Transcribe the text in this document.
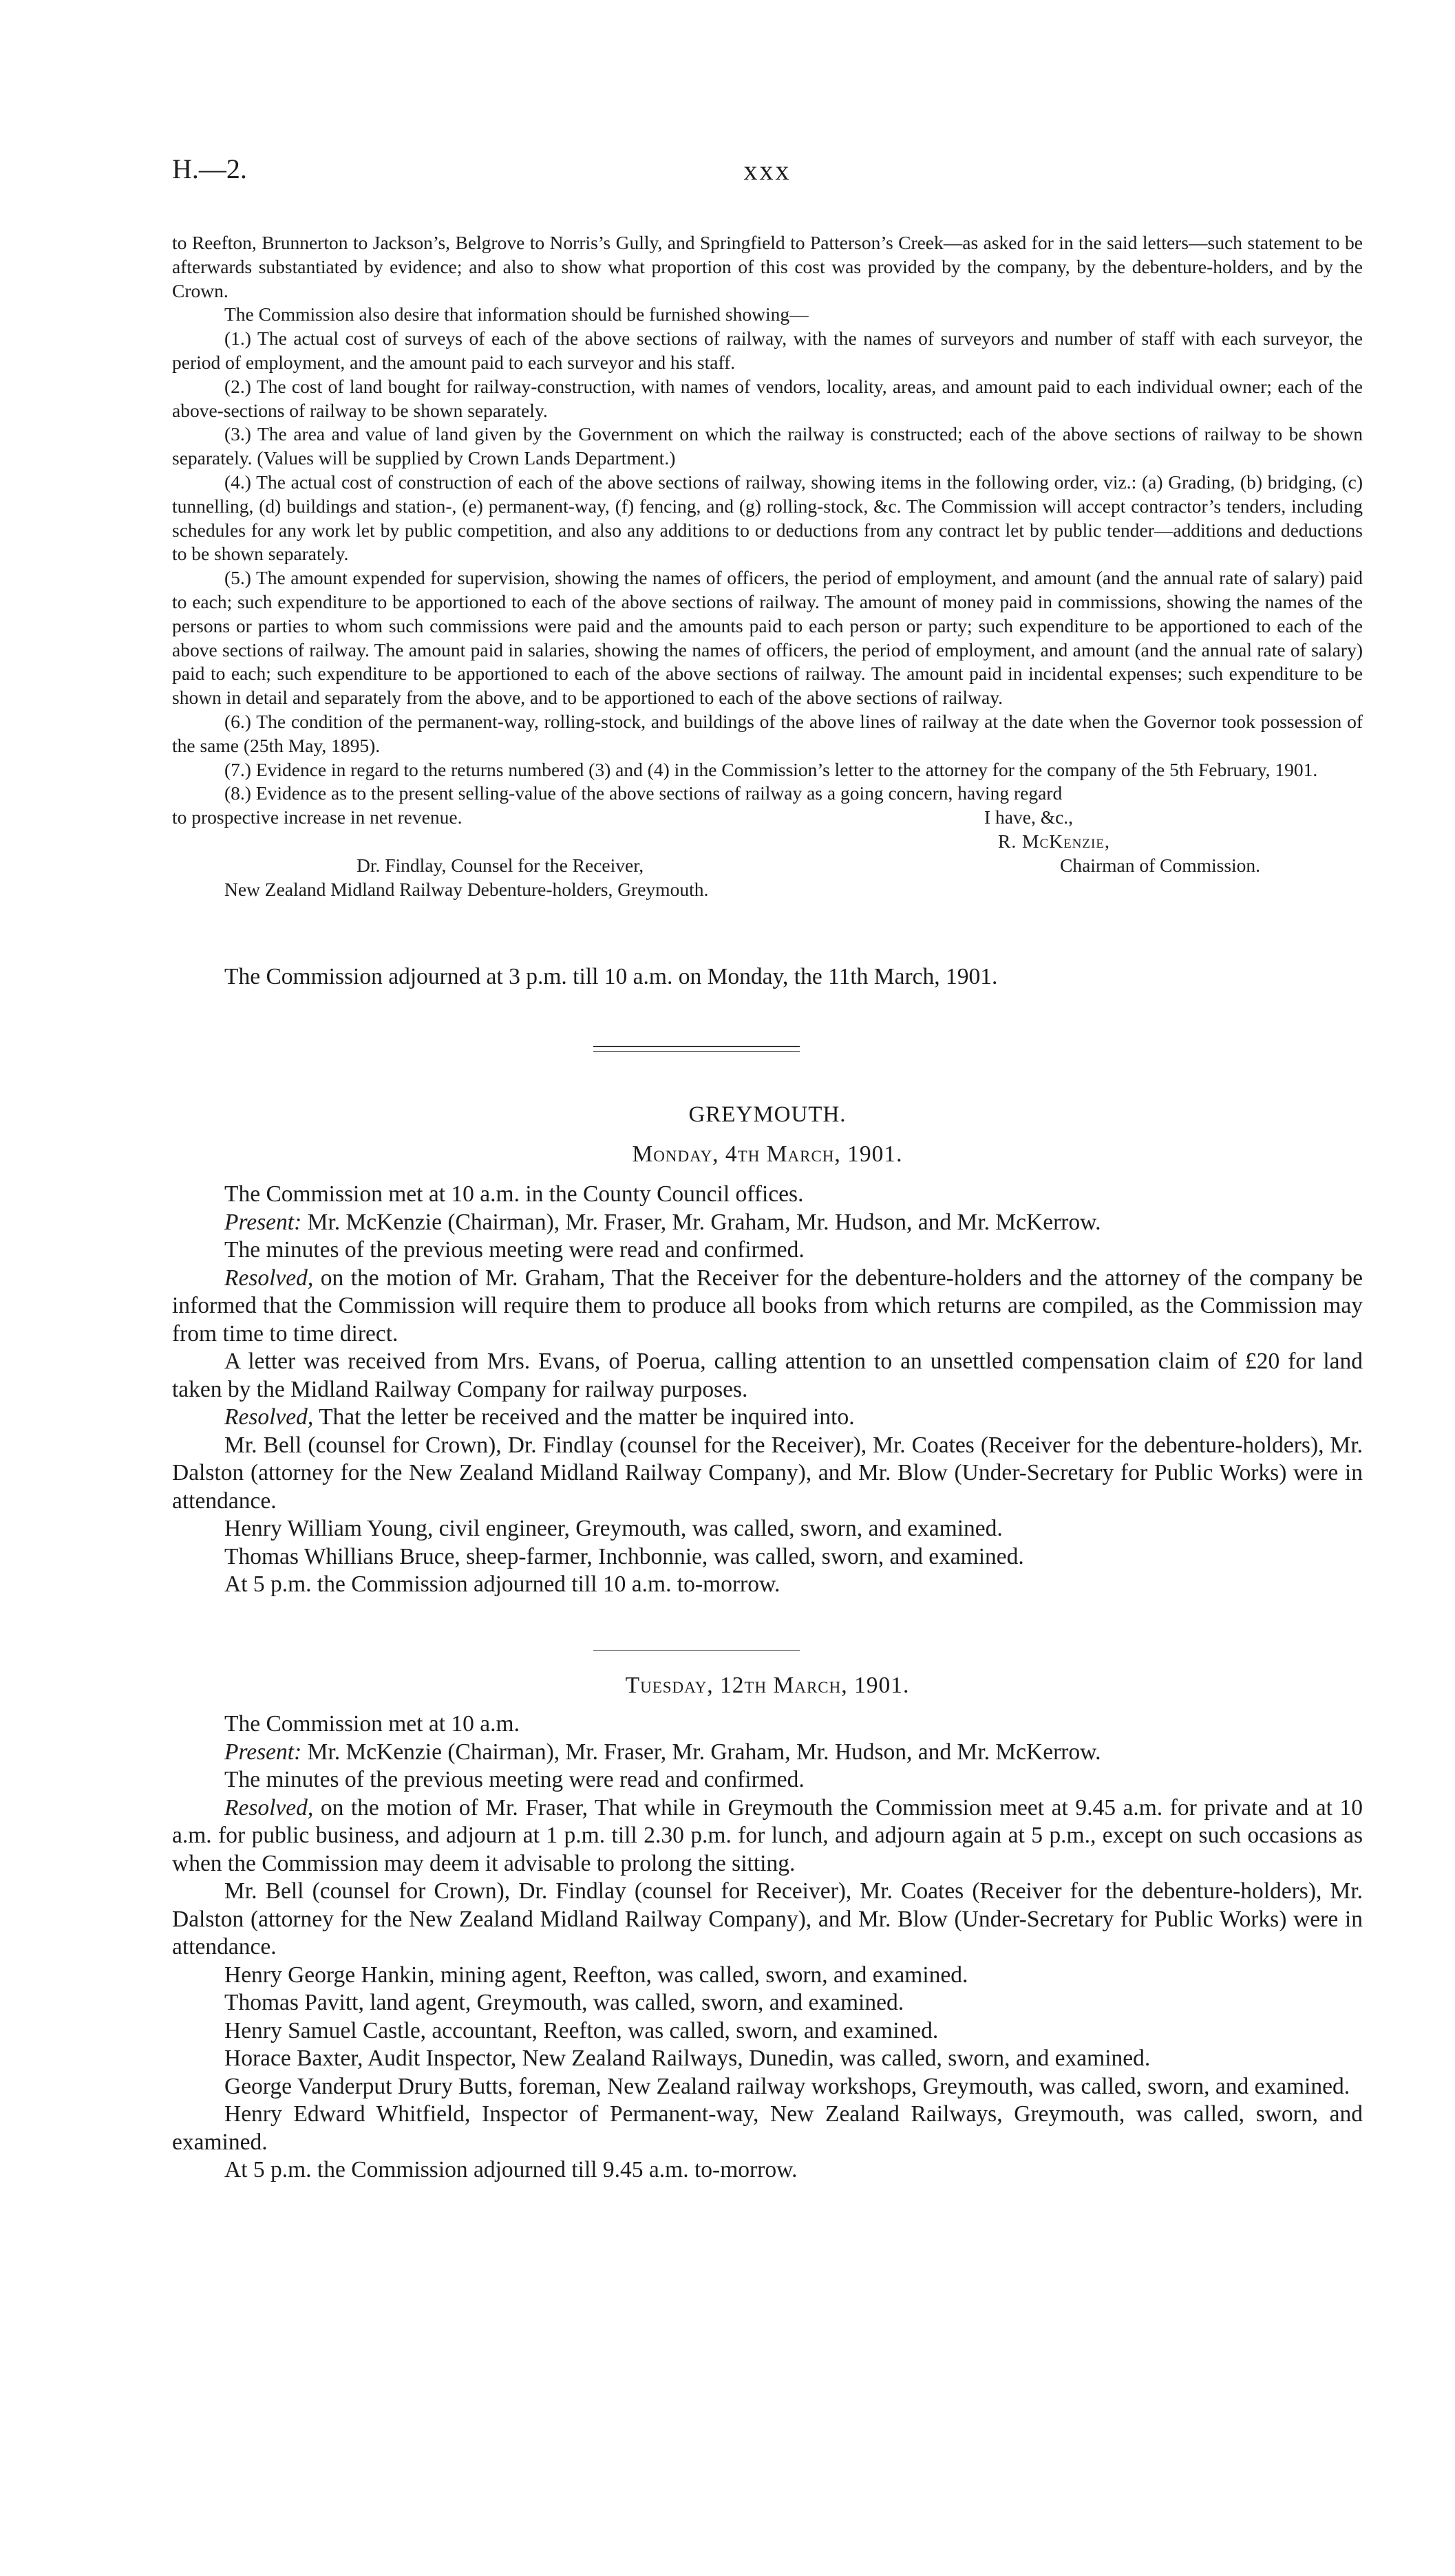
H.—2.	xxx

to Reefton, Brunnerton to Jackson’s, Belgrove to Norris’s Gully, and Springfield to Patterson’s Creek—as asked for in the said letters—such statement to be afterwards substantiated by evidence; and also to show what proportion of this cost was provided by the company, by the debenture-holders, and by the Crown.

The Commission also desire that information should be furnished showing—

(1.) The actual cost of surveys of each of the above sections of railway, with the names of surveyors and number of staff with each surveyor, the period of employment, and the amount paid to each surveyor and his staff.

(2.) The cost of land bought for railway-construction, with names of vendors, locality, areas, and amount paid to each individual owner; each of the above-sections of railway to be shown separately.

(3.) The area and value of land given by the Government on which the railway is constructed; each of the above sections of railway to be shown separately. (Values will be supplied by Crown Lands Department.)

(4.) The actual cost of construction of each of the above sections of railway, showing items in the following order, viz.: (a) Grading, (b) bridging, (c) tunnelling, (d) buildings and station-, (e) permanent-way, (f) fencing, and (g) rolling-stock, &c. The Commission will accept contractor’s tenders, including schedules for any work let by public competition, and also any additions to or deductions from any contract let by public tender—additions and deductions to be shown separately.

(5.) The amount expended for supervision, showing the names of officers, the period of employment, and amount (and the annual rate of salary) paid to each; such expenditure to be apportioned to each of the above sections of railway. The amount of money paid in commissions, showing the names of the persons or parties to whom such commissions were paid and the amounts paid to each person or party; such expenditure to be apportioned to each of the above sections of railway. The amount paid in salaries, showing the names of officers, the period of employment, and amount (and the annual rate of salary) paid to each; such expenditure to be apportioned to each of the above sections of railway. The amount paid in incidental expenses; such expenditure to be shown in detail and separately from the above, and to be apportioned to each of the above sections of railway.

(6.) The condition of the permanent-way, rolling-stock, and buildings of the above lines of railway at the date when the Governor took possession of the same (25th May, 1895).

(7.) Evidence in regard to the returns numbered (3) and (4) in the Commission’s letter to the attorney for the company of the 5th February, 1901.

(8.) Evidence as to the present selling-value of the above sections of railway as a going concern, having regard

to prospective increase in net revenue.	I have, &c.,
R. McKenzie,
Dr. Findlay, Counsel for the Receiver,	Chairman of Commission.
New Zealand Midland Railway Debenture-holders, Greymouth.

The Commission adjourned at 3 p.m. till 10 a.m. on Monday, the 11th March, 1901.

GREYMOUTH.

Monday, 4th March, 1901.

The Commission met at 10 a.m. in the County Council offices.

Present: Mr. McKenzie (Chairman), Mr. Fraser, Mr. Graham, Mr. Hudson, and Mr. McKerrow.

The minutes of the previous meeting were read and confirmed.

Resolved, on the motion of Mr. Graham, That the Receiver for the debenture-holders and the attorney of the company be informed that the Commission will require them to produce all books from which returns are compiled, as the Commission may from time to time direct.

A letter was received from Mrs. Evans, of Poerua, calling attention to an unsettled compensation claim of £20 for land taken by the Midland Railway Company for railway purposes.

Resolved, That the letter be received and the matter be inquired into.

Mr. Bell (counsel for Crown), Dr. Findlay (counsel for the Receiver), Mr. Coates (Receiver for the debenture-holders), Mr. Dalston (attorney for the New Zealand Midland Railway Company), and Mr. Blow (Under-Secretary for Public Works) were in attendance.

Henry William Young, civil engineer, Greymouth, was called, sworn, and examined.

Thomas Whillians Bruce, sheep-farmer, Inchbonnie, was called, sworn, and examined.

At 5 p.m. the Commission adjourned till 10 a.m. to-morrow.

Tuesday, 12th March, 1901.

The Commission met at 10 a.m.

Present: Mr. McKenzie (Chairman), Mr. Fraser, Mr. Graham, Mr. Hudson, and Mr. McKerrow.

The minutes of the previous meeting were read and confirmed.

Resolved, on the motion of Mr. Fraser, That while in Greymouth the Commission meet at 9.45 a.m. for private and at 10 a.m. for public business, and adjourn at 1 p.m. till 2.30 p.m. for lunch, and adjourn again at 5 p.m., except on such occasions as when the Commission may deem it advisable to prolong the sitting.

Mr. Bell (counsel for Crown), Dr. Findlay (counsel for Receiver), Mr. Coates (Receiver for the debenture-holders), Mr. Dalston (attorney for the New Zealand Midland Railway Company), and Mr. Blow (Under-Secretary for Public Works) were in attendance.

Henry George Hankin, mining agent, Reefton, was called, sworn, and examined.

Thomas Pavitt, land agent, Greymouth, was called, sworn, and examined.

Henry Samuel Castle, accountant, Reefton, was called, sworn, and examined.

Horace Baxter, Audit Inspector, New Zealand Railways, Dunedin, was called, sworn, and examined.

George Vanderput Drury Butts, foreman, New Zealand railway workshops, Greymouth, was called, sworn, and examined.

Henry Edward Whitfield, Inspector of Permanent-way, New Zealand Railways, Greymouth, was called, sworn, and examined.

At 5 p.m. the Commission adjourned till 9.45 a.m. to-morrow.
